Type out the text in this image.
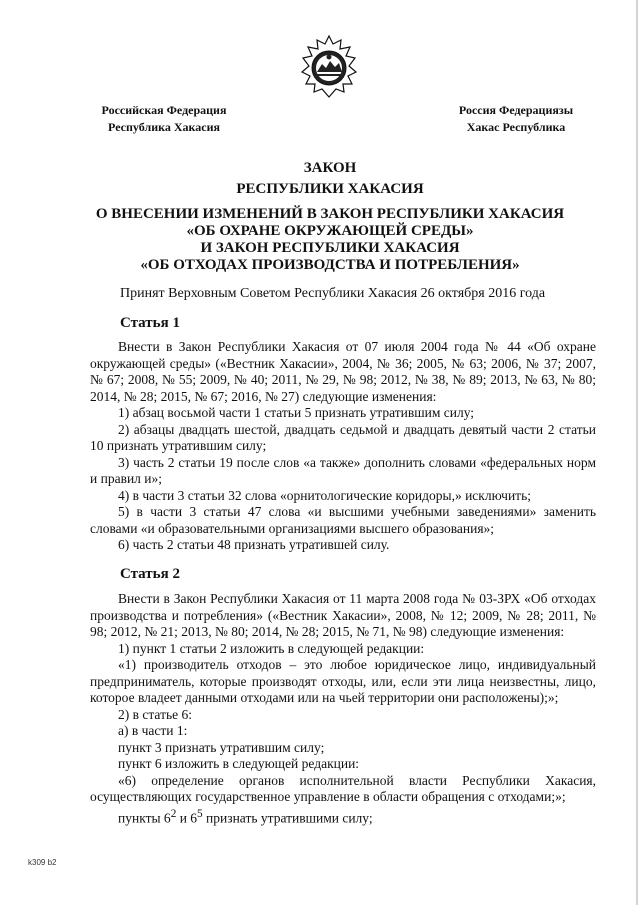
Российская Федерация
Республика Хакасия
Россия Федерациязы
Хакас Республика
ЗАКОН
РЕСПУБЛИКИ ХАКАСИЯ
О ВНЕСЕНИИ ИЗМЕНЕНИЙ В ЗАКОН РЕСПУБЛИКИ ХАКАСИЯ
«ОБ ОХРАНЕ ОКРУЖАЮЩЕЙ СРЕДЫ»
И ЗАКОН РЕСПУБЛИКИ ХАКАСИЯ
«ОБ ОТХОДАХ ПРОИЗВОДСТВА И ПОТРЕБЛЕНИЯ»
Принят Верховным Советом Республики Хакасия 26 октября 2016 года
Статья 1

Внести в Закон Республики Хакасия от 07 июля 2004 года № 44 «Об охране окружающей среды» («Вестник Хакасии», 2004, № 36; 2005, № 63; 2006, № 37; 2007, № 67; 2008, № 55; 2009, № 40; 2011, № 29, № 98; 2012, № 38, № 89; 2013, № 63, № 80; 2014, № 28; 2015, № 67; 2016, № 27) следующие изменения:

1) абзац восьмой части 1 статьи 5 признать утратившим силу;

2) абзацы двадцать шестой, двадцать седьмой и двадцать девятый части 2 статьи 10 признать утратившим силу;

3) часть 2 статьи 19 после слов «а также» дополнить словами «федеральных норм и правил и»;

4) в части 3 статьи 32 слова «орнитологические коридоры,» исключить;

5) в части 3 статьи 47 слова «и высшими учебными заведениями» заменить словами «и образовательными организациями высшего образования»;

6) часть 2 статьи 48 признать утратившей силу.

Статья 2

Внести в Закон Республики Хакасия от 11 марта 2008 года № 03-ЗРХ «Об отходах производства и потребления» («Вестник Хакасии», 2008, № 12; 2009, № 28; 2011, № 98; 2012, № 21; 2013, № 80; 2014, № 28; 2015, № 71, № 98) следующие изменения:

1) пункт 1 статьи 2 изложить в следующей редакции:

«1) производитель отходов – это любое юридическое лицо, индивидуальный предприниматель, которые производят отходы, или, если эти лица неизвестны, лицо, которое владеет данными отходами или на чьей территории они расположены);»;

2) в статье 6:

а) в части 1:

пункт 3 признать утратившим силу;

пункт 6 изложить в следующей редакции:

«6) определение органов исполнительной власти Республики Хакасия, осуществляющих государственное управление в области обращения с отходами;»;

пункты $6^2$ и $6^5$ признать утратившими силу;

k309 b2
